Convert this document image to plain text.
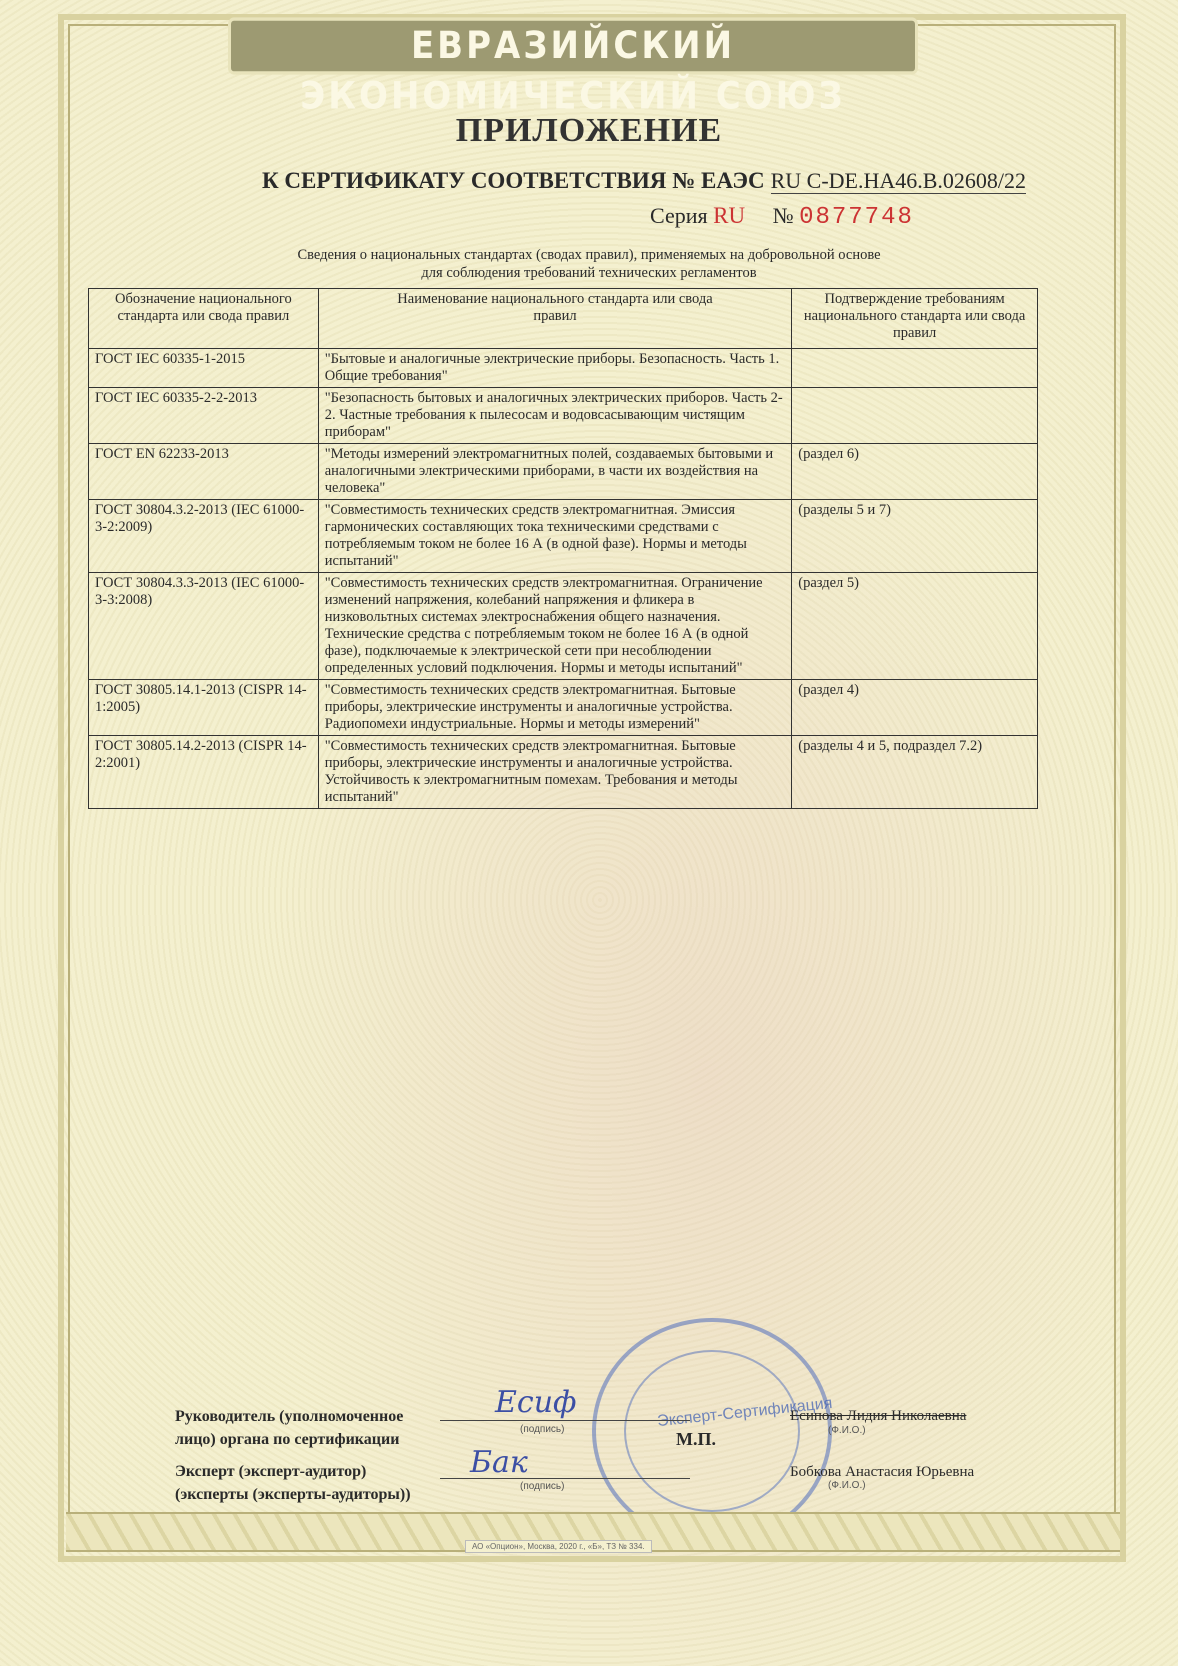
ЕВРАЗИЙСКИЙ ЭКОНОМИЧЕСКИЙ СОЮЗ
ПРИЛОЖЕНИЕ
К СЕРТИФИКАТУ СООТВЕТСТВИЯ № ЕАЭС RU C-DE.HA46.B.02608/22
Серия RU № 0877748
Сведения о национальных стандартах (сводах правил), применяемых на добровольной основе
для соблюдения требований технических регламентов
Обозначение национального стандарта или свода правил	Наименование национального стандарта или свода правил	Подтверждение требованиям национального стандарта или свода правил
ГОСТ IEC 60335-1-2015	"Бытовые и аналогичные электрические приборы. Безопасность. Часть 1. Общие требования"	
ГОСТ IEC 60335-2-2-2013	"Безопасность бытовых и аналогичных электрических приборов. Часть 2-2. Частные требования к пылесосам и водовсасывающим чистящим приборам"	
ГОСТ EN 62233-2013	"Методы измерений электромагнитных полей, создаваемых бытовыми и аналогичными электрическими приборами, в части их воздействия на человека"	(раздел 6)
ГОСТ 30804.3.2-2013 (IEC 61000-3-2:2009)	"Совместимость технических средств электромагнитная. Эмиссия гармонических составляющих тока техническими средствами с потребляемым током не более 16 А (в одной фазе). Нормы и методы испытаний"	(разделы 5 и 7)
ГОСТ 30804.3.3-2013 (IEC 61000-3-3:2008)	"Совместимость технических средств электромагнитная. Ограничение изменений напряжения, колебаний напряжения и фликера в низковольтных системах электроснабжения общего назначения. Технические средства с потребляемым током не более 16 А (в одной фазе), подключаемые к электрической сети при несоблюдении определенных условий подключения. Нормы и методы испытаний"	(раздел 5)
ГОСТ 30805.14.1-2013 (CISPR 14-1:2005)	"Совместимость технических средств электромагнитная. Бытовые приборы, электрические инструменты и аналогичные устройства. Радиопомехи индустриальные. Нормы и методы измерений"	(раздел 4)
ГОСТ 30805.14.2-2013 (CISPR 14-2:2001)	"Совместимость технических средств электромагнитная. Бытовые приборы, электрические инструменты и аналогичные устройства. Устойчивость к электромагнитным помехам. Требования и методы испытаний"	(разделы 4 и 5, подраздел 7.2)
Эксперт-Сертификация
Руководитель (уполномоченное
лицо) органа по сертификации
Есиф
(подпись)	М.П.
Есипова Лидия Николаевна
(Ф.И.О.)
Эксперт (эксперт-аудитор)
(эксперты (эксперты-аудиторы))
Бак
(подпись)
Бобкова Анастасия Юрьевна
(Ф.И.О.)
АО «Опцион», Москва, 2020 г., «Б», ТЗ № 334.
